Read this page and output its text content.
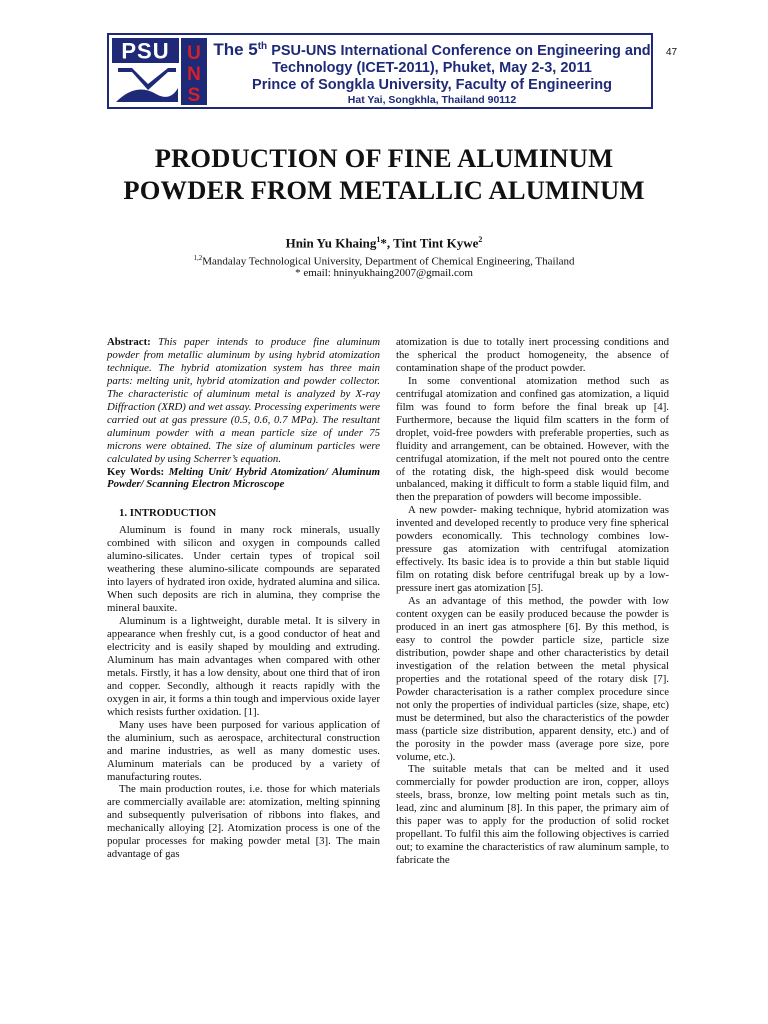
PSU U
N
S
The 5th PSU-UNS International Conference on Engineering and
Technology (ICET-2011), Phuket, May 2-3, 2011
Prince of Songkla University, Faculty of Engineering
Hat Yai, Songkhla, Thailand 90112
47
PRODUCTION OF FINE ALUMINUM
POWDER FROM METALLIC ALUMINUM
Hnin Yu Khaing$^1$*, Tint Tint Kywe$^2$
$^{1,2}$Mandalay Technological University, Department of Chemical Engineering, Thailand
* email: hninyukhaing2007@gmail.com

Abstract: This paper intends to produce fine aluminum powder from metallic aluminum by using hybrid atomization technique. The hybrid atomization system has three main parts: melting unit, hybrid atomization and powder collector. The characteristic of aluminum metal is analyzed by X-ray Diffraction (XRD) and wet assay. Processing experiments were carried out at gas pressure (0.5, 0.6, 0.7 MPa). The resultant aluminum powder with a mean particle size of under 75 microns were obtained. The size of aluminum particles were calculated by using Scherrer’s equation.

Key Words: Melting Unit/ Hybrid Atomization/ Aluminum Powder/ Scanning Electron Microscope

1. INTRODUCTION

Aluminum is found in many rock minerals, usually combined with silicon and oxygen in compounds called alumino-silicates. Under certain types of tropical soil weathering these alumino-silicate compounds are separated into layers of hydrated iron oxide, hydrated alumina and silica. When such deposits are rich in alumina, they comprise the mineral bauxite.

Aluminum is a lightweight, durable metal. It is silvery in appearance when freshly cut, is a good conductor of heat and electricity and is easily shaped by moulding and extruding. Aluminum has main advantages when compared with other metals. Firstly, it has a low density, about one third that of iron and copper. Secondly, although it reacts rapidly with the oxygen in air, it forms a thin tough and impervious oxide layer which resists further oxidation. [1].

Many uses have been purposed for various application of the aluminium, such as aerospace, architectural construction and marine industries, as well as many domestic uses. Aluminum materials can be produced by a variety of manufacturing routes.

The main production routes, i.e. those for which materials are commercially available are: atomization, melting spinning and subsequently pulverisation of ribbons into flakes, and mechanically alloying [2]. Atomization process is one of the popular processes for making powder metal [3]. The main advantage of gas

atomization is due to totally inert processing conditions and the spherical the product homogeneity, the absence of contamination shape of the product powder.

In some conventional atomization method such as centrifugal atomization and confined gas atomization, a liquid film was found to form before the final break up [4]. Furthermore, because the liquid film scatters in the form of droplet, void-free powders with preferable properties, such as fluidity and arrangement, can be obtained. However, with the centrifugal atomization, if the melt not poured onto the centre of the rotating disk, the high-speed disk would become unbalanced, making it difficult to form a stable liquid film, and then the preparation of powders will become impossible.

A new powder- making technique, hybrid atomization was invented and developed recently to produce very fine spherical powders economically. This technology combines low-pressure gas atomization with centrifugal atomization effectively. Its basic idea is to provide a thin but stable liquid film on rotating disk before centrifugal break up by a low-pressure inert gas atomization [5].

As an advantage of this method, the powder with low content oxygen can be easily produced because the powder is produced in an inert gas atmosphere [6]. By this method, is easy to control the powder particle size, particle size distribution, powder shape and other characteristics by detail investigation of the relation between the metal physical properties and the rotational speed of the rotary disk [7]. Powder characterisation is a rather complex procedure since not only the properties of individual particles (size, shape, etc) must be determined, but also the characteristics of the powder mass (particle size distribution, apparent density, etc.) and of the porosity in the powder mass (average pore size, pore volume, etc.).

The suitable metals that can be melted and it used commercially for powder production are iron, copper, alloys steels, brass, bronze, low melting point metals such as tin, lead, zinc and aluminum [8]. In this paper, the primary aim of this paper was to apply for the production of solid rocket propellant. To fulfil this aim the following objectives is carried out; to examine the characteristics of raw aluminum sample, to fabricate the
